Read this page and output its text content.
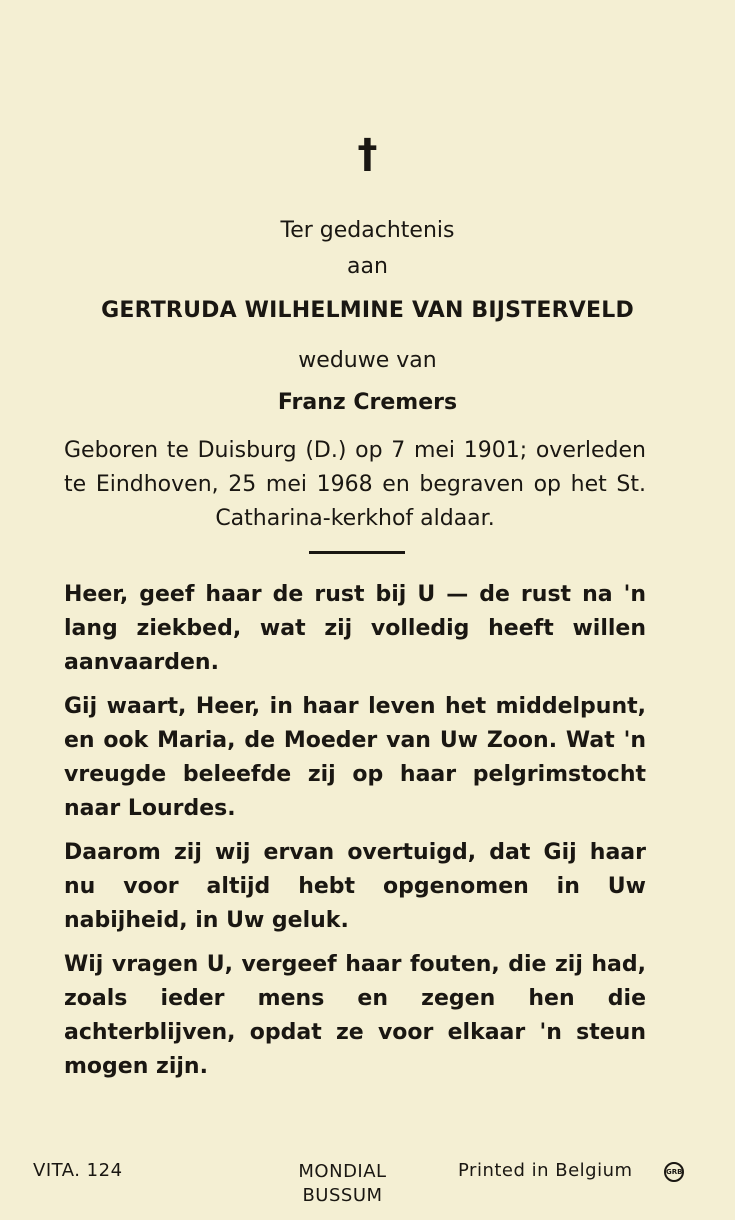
†
Ter gedachtenis
aan
GERTRUDA WILHELMINE VAN BIJSTERVELD
weduwe van
Franz Cremers
Geboren te Duisburg (D.) op 7 mei 1901; overleden te Eindhoven, 25 mei 1968 en begraven op het St. Catharina-kerkhof aldaar.

Heer, geef haar de rust bij U — de rust na 'n lang ziekbed, wat zij volledig heeft willen aanvaarden.

Gij waart, Heer, in haar leven het middelpunt, en ook Maria, de Moeder van Uw Zoon. Wat 'n vreugde beleefde zij op haar pelgrimstocht naar Lourdes.

Daarom zij wij ervan overtuigd, dat Gij haar nu voor altijd hebt opgenomen in Uw nabijheid, in Uw geluk.

Wij vragen U, vergeef haar fouten, die zij had, zoals ieder mens en zegen hen die achterblijven, opdat ze voor elkaar 'n steun mogen zijn.

VITA. 124	MONDIAL
BUSSUM
Printed in Belgium	GRB
